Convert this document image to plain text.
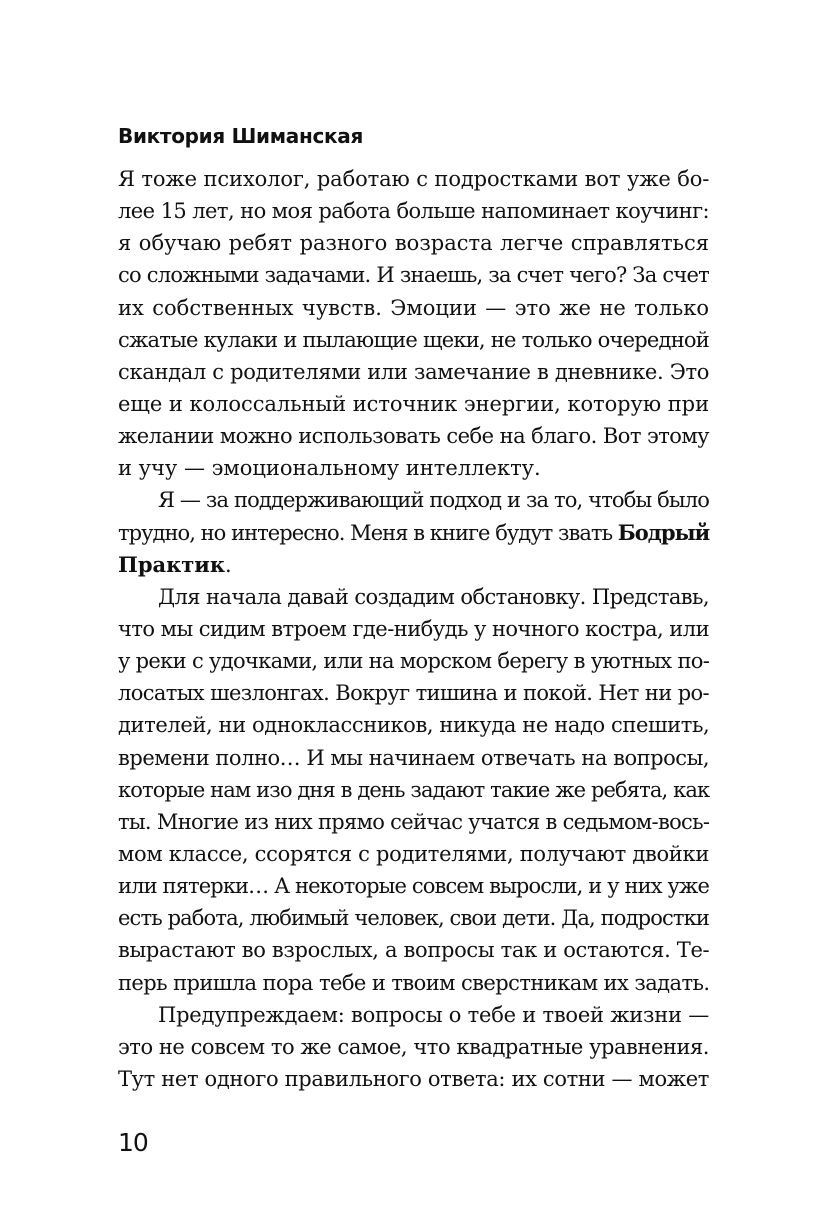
Виктория Шиманская
Я тоже психолог, работаю с подростками вот уже бо-
лее 15 лет, но моя работа больше напоминает коучинг:
я обучаю ребят разного возраста легче справляться
со сложными задачами. И знаешь, за счет чего? За счет
их собственных чувств. Эмоции — это же не только
сжатые кулаки и пылающие щеки, не только очередной
скандал с родителями или замечание в дневнике. Это
еще и колоссальный источник энергии, которую при
желании можно использовать себе на благо. Вот этому
и учу — эмоциональному интеллекту.
Я — за поддерживающий подход и за то, чтобы было
трудно, но интересно. Меня в книге будут звать Бодрый
Практик.
Для начала давай создадим обстановку. Представь,
что мы сидим втроем где-нибудь у ночного костра, или
у реки с удочками, или на морском берегу в уютных по-
лосатых шезлонгах. Вокруг тишина и покой. Нет ни ро-
дителей, ни одноклассников, никуда не надо спешить,
времени полно… И мы начинаем отвечать на вопросы,
которые нам изо дня в день задают такие же ребята, как
ты. Многие из них прямо сейчас учатся в седьмом-вось-
мом классе, ссорятся с родителями, получают двойки
или пятерки… А некоторые совсем выросли, и у них уже
есть работа, любимый человек, свои дети. Да, подростки
вырастают во взрослых, а вопросы так и остаются. Те-
перь пришла пора тебе и твоим сверстникам их задать.
Предупреждаем: вопросы о тебе и твоей жизни —
это не совсем то же самое, что квадратные уравнения.
Тут нет одного правильного ответа: их сотни — может
10
